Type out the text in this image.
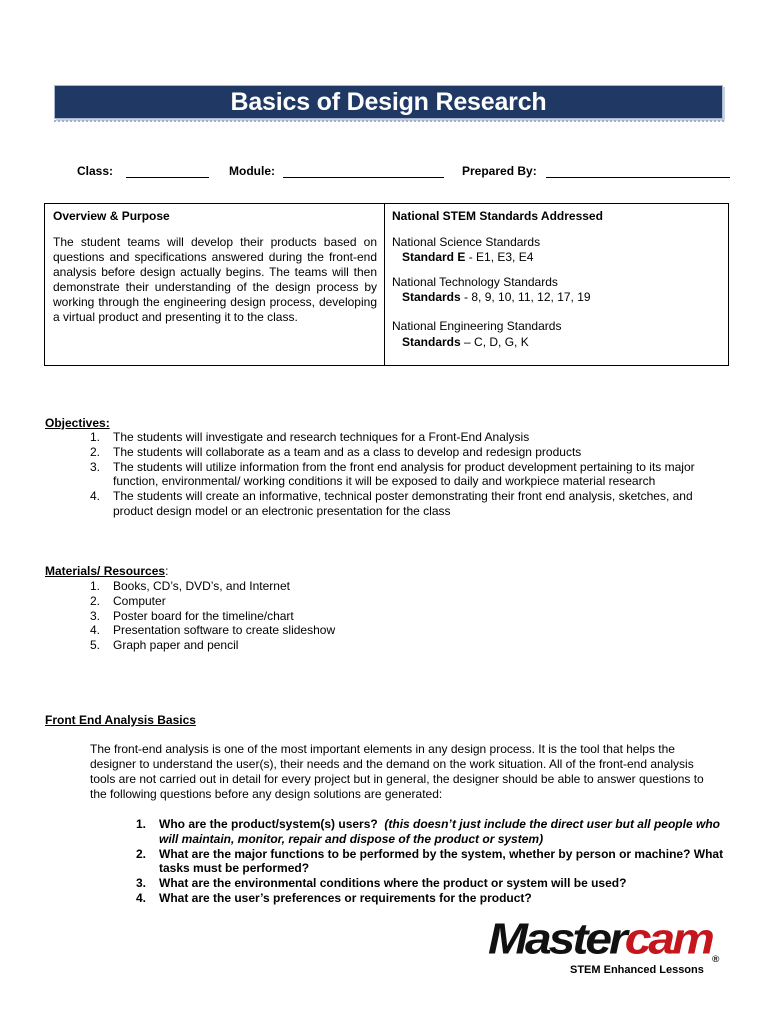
Basics of Design Research
Class:	Module:	Prepared By:
Overview & Purpose
The student teams will develop their products based on questions and specifications answered during the front-end analysis before design actually begins. The teams will then demonstrate their understanding of the design process by working through the engineering design process, developing a virtual product and presenting it to the class.
National STEM Standards Addressed
National Science Standards
Standard E - E1, E3, E4
National Technology Standards
Standards - 8, 9, 10, 11, 12, 17, 19
National Engineering Standards
Standards – C, D, G, K
Objectives:
1.	The students will investigate and research techniques for a Front-End Analysis
2.	The students will collaborate as a team and as a class to develop and redesign products
3.	The students will utilize information from the front end analysis for product development pertaining to its major function, environmental/ working conditions it will be exposed to daily and workpiece material research
4.	The students will create an informative, technical poster demonstrating their front end analysis, sketches, and product design model or an electronic presentation for the class
Materials/ Resources:
1.	Books, CD’s, DVD’s, and Internet
2.	Computer
3.	Poster board for the timeline/chart
4.	Presentation software to create slideshow
5.	Graph paper and pencil
Front End Analysis Basics
The front-end analysis is one of the most important elements in any design process. It is the tool that helps the designer to understand the user(s), their needs and the demand on the work situation. All of the front-end analysis tools are not carried out in detail for every project but in general, the designer should be able to answer questions to the following questions before any design solutions are generated:
1.	Who are the product/system(s) users? (this doesn’t just include the direct user but all people who will maintain, monitor, repair and dispose of the product or system)
2.	What are the major functions to be performed by the system, whether by person or machine? What tasks must be performed?
3.	What are the environmental conditions where the product or system will be used?
4.	What are the user’s preferences or requirements for the product?
Mastercam®
STEM Enhanced Lessons
